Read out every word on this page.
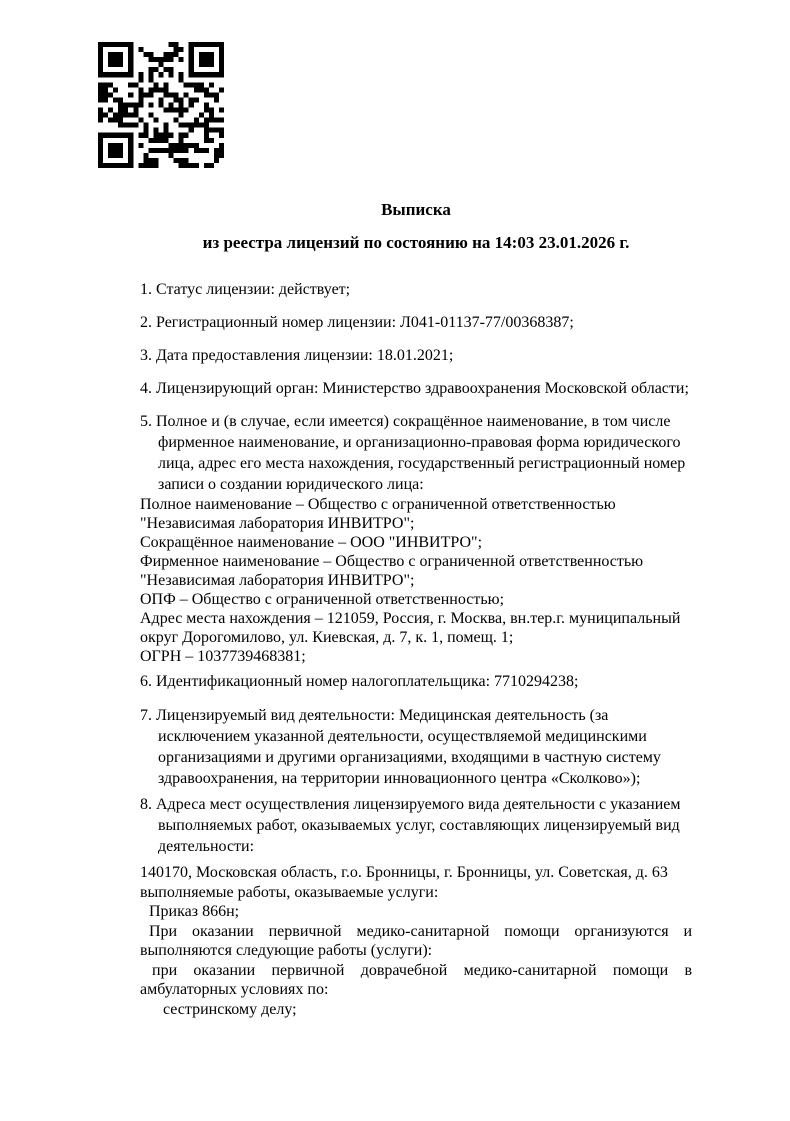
Выписка

из реестра лицензий по состоянию на 14:03 23.01.2026 г.

1. Статус лицензии: действует;

2. Регистрационный номер лицензии: Л041-01137-77/00368387;

3. Дата предоставления лицензии: 18.01.2021;

4. Лицензирующий орган: Министерство здравоохранения Московской области;

5. Полное и (в случае, если имеется) сокращённое наименование, в том числе фирменное наименование, и организационно-правовая форма юридического лица, адрес его места нахождения, государственный регистрационный номер записи о создании юридического лица:

Полное наименование – Общество с ограниченной ответственностью "Независимая лаборатория ИНВИТРО";

Сокращённое наименование – ООО "ИНВИТРО";

Фирменное наименование – Общество с ограниченной ответственностью "Независимая лаборатория ИНВИТРО";

ОПФ – Общество с ограниченной ответственностью;

Адрес места нахождения – 121059, Россия, г. Москва, вн.тер.г. муниципальный округ Дорогомилово, ул. Киевская, д. 7, к. 1, помещ. 1;

ОГРН – 1037739468381;

6. Идентификационный номер налогоплательщика: 7710294238;

7. Лицензируемый вид деятельности: Медицинская деятельность (за исключением указанной деятельности, осуществляемой медицинскими организациями и другими организациями, входящими в частную систему здравоохранения, на территории инновационного центра «Сколково»);

8. Адреса мест осуществления лицензируемого вида деятельности с указанием выполняемых работ, оказываемых услуг, составляющих лицензируемый вид деятельности:

140170, Московская область, г.о. Бронницы, г. Бронницы, ул. Советская, д. 63

выполняемые работы, оказываемые услуги:

Приказ 866н;

При оказании первичной медико-санитарной помощи организуются и выполняются следующие работы (услуги):

при оказании первичной доврачебной медико-санитарной помощи в амбулаторных условиях по:

сестринскому делу;
